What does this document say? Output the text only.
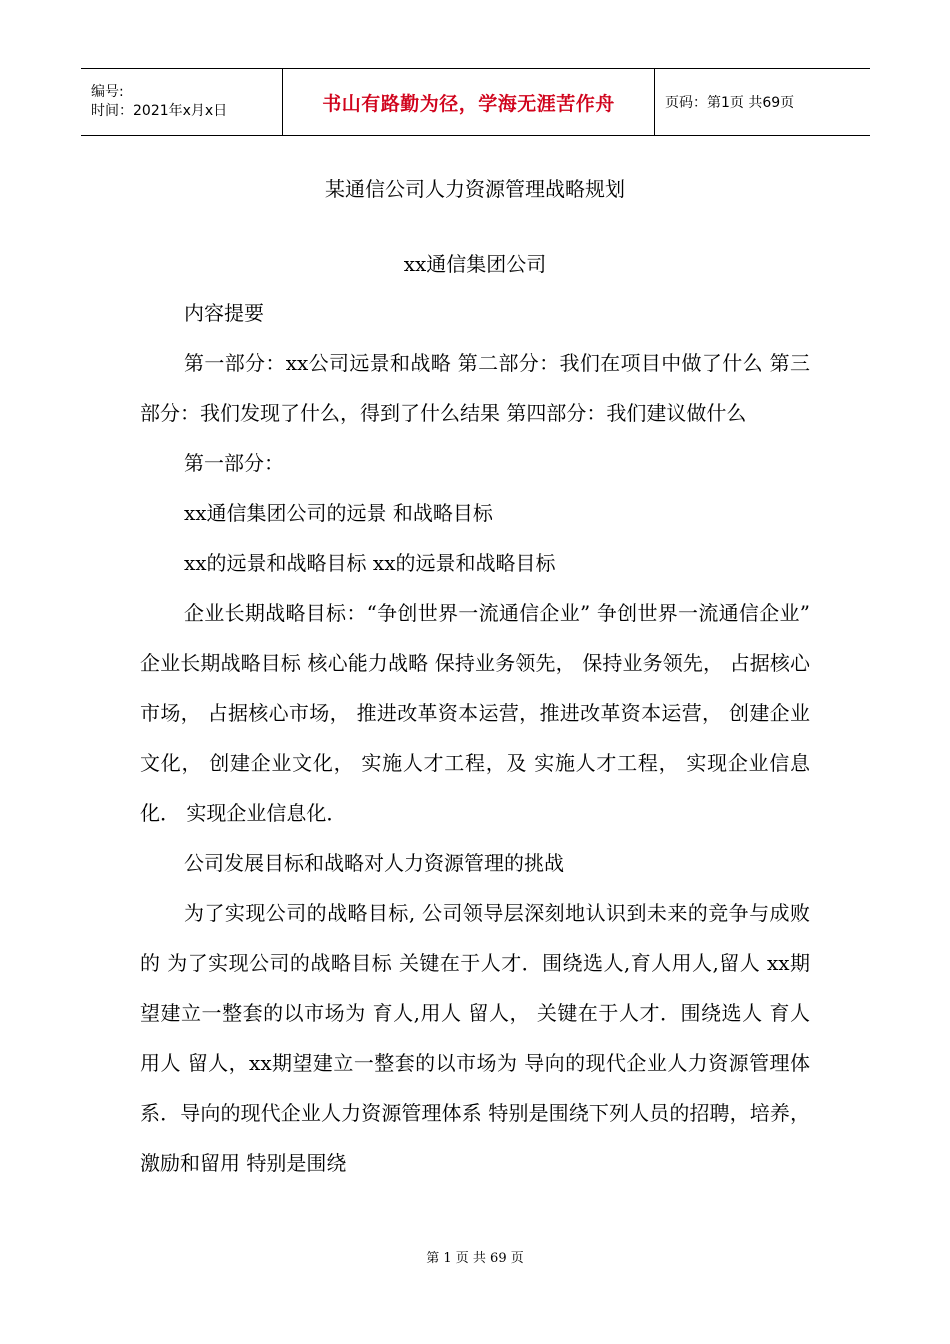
编号:
时间：2021年x月x日	书山有路勤为径，学海无涯苦作舟	页码：第1页 共69页
某通信公司人力资源管理战略规划
xx通信集团公司

内容提要

第一部分：xx公司远景和战略 第二部分：我们在项目中做了什么 第三部分：我们发现了什么，得到了什么结果 第四部分：我们建议做什么

第一部分：

xx通信集团公司的远景 和战略目标

xx的远景和战略目标 xx的远景和战略目标

企业长期战略目标：“争创世界一流通信企业” 争创世界一流通信企业” 企业长期战略目标 核心能力战略 保持业务领先， 保持业务领先， 占据核心市场， 占据核心市场， 推进改革资本运营，推进改革资本运营， 创建企业文化， 创建企业文化， 实施人才工程，及 实施人才工程， 实现企业信息化． 实现企业信息化．

公司发展目标和战略对人力资源管理的挑战

为了实现公司的战略目标, 公司领导层深刻地认识到未来的竞争与成败的 为了实现公司的战略目标 关键在于人才．围绕选人,育人用人,留人 xx期望建立一整套的以市场为 育人,用人 留人， 关键在于人才．围绕选人 育人 用人 留人，xx期望建立一整套的以市场为 导向的现代企业人力资源管理体系．导向的现代企业人力资源管理体系 特别是围绕下列人员的招聘，培养，激励和留用 特别是围绕

第 1 页 共 69 页
